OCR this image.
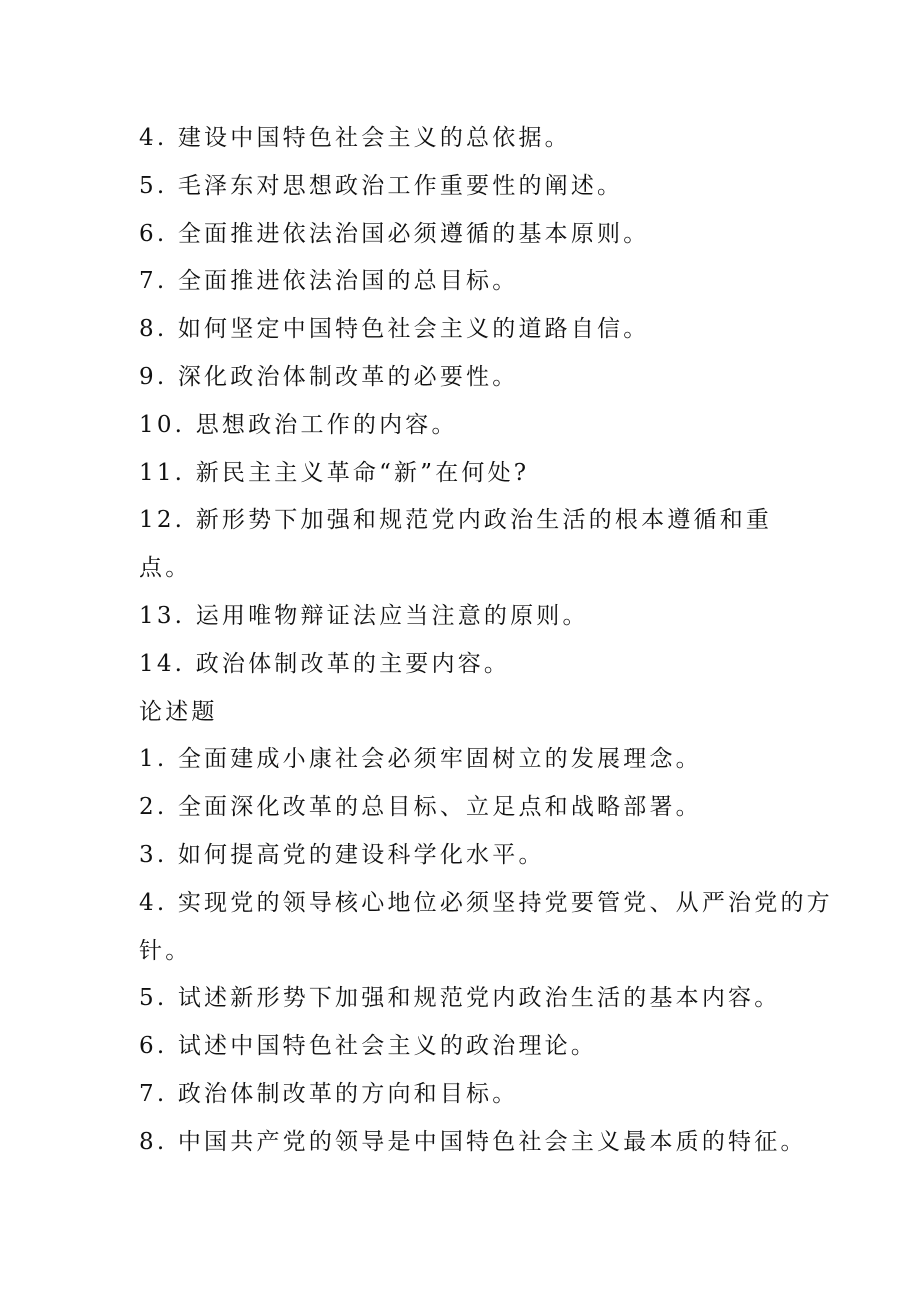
4. 建设中国特色社会主义的总依据。
5. 毛泽东对思想政治工作重要性的阐述。
6. 全面推进依法治国必须遵循的基本原则。
7. 全面推进依法治国的总目标。
8. 如何坚定中国特色社会主义的道路自信。
9. 深化政治体制改革的必要性。
10. 思想政治工作的内容。
11. 新民主主义革命“新”在何处?
12. 新形势下加强和规范党内政治生活的根本遵循和重
点。
13. 运用唯物辩证法应当注意的原则。
14. 政治体制改革的主要内容。
论述题
1. 全面建成小康社会必须牢固树立的发展理念。
2. 全面深化改革的总目标、立足点和战略部署。
3. 如何提高党的建设科学化水平。
4. 实现党的领导核心地位必须坚持党要管党、从严治党的方
针。
5. 试述新形势下加强和规范党内政治生活的基本内容。
6. 试述中国特色社会主义的政治理论。
7. 政治体制改革的方向和目标。
8. 中国共产党的领导是中国特色社会主义最本质的特征。
